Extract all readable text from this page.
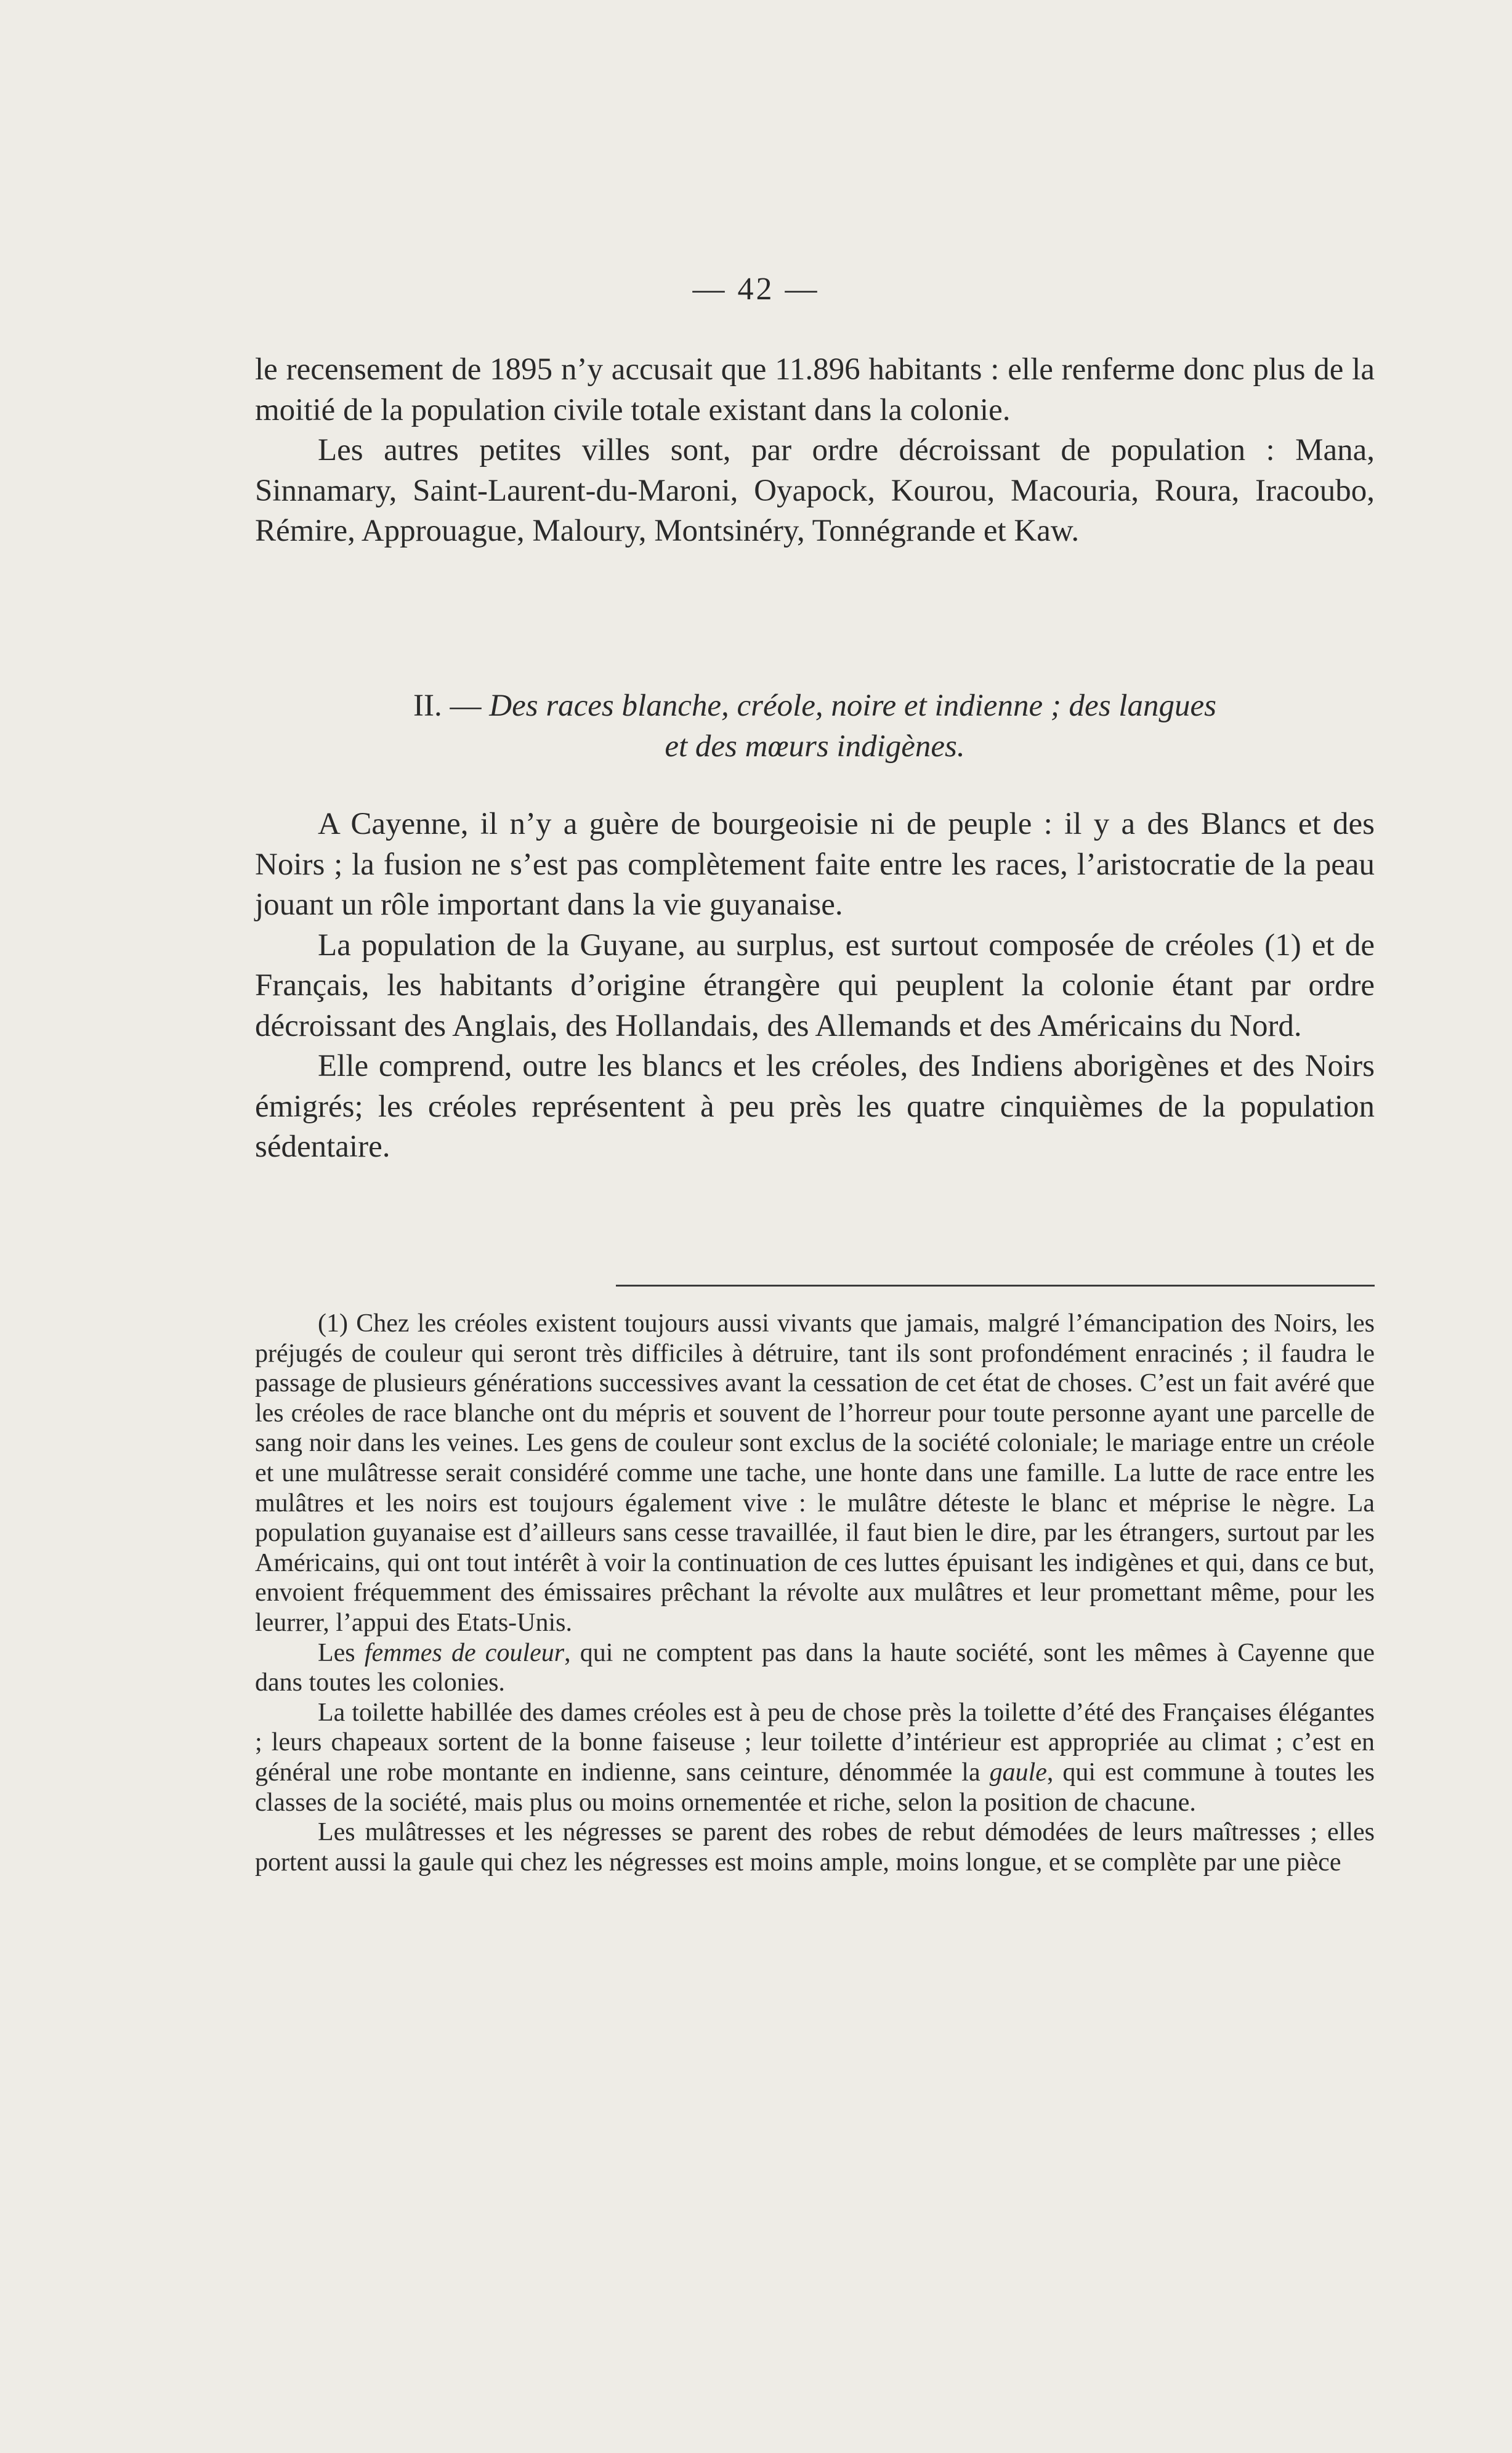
— 42 —

le recensement de 1895 n’y accusait que 11.896 habitants : elle renferme donc plus de la moitié de la population civile totale existant dans la colonie.

Les autres petites villes sont, par ordre décroissant de population : Mana, Sinnamary, Saint-Laurent-du-Maroni, Oyapock, Kourou, Macouria, Roura, Iracoubo, Rémire, Approuague, Maloury, Montsinéry, Tonnégrande et Kaw.

II. — Des races blanche, créole, noire et indienne ; des langues
et des mœurs indigènes.

A Cayenne, il n’y a guère de bourgeoisie ni de peuple : il y a des Blancs et des Noirs ; la fusion ne s’est pas complètement faite entre les races, l’aristocratie de la peau jouant un rôle important dans la vie guyanaise.

La population de la Guyane, au surplus, est surtout composée de créoles (1) et de Français, les habitants d’origine étrangère qui peuplent la colonie étant par ordre décroissant des Anglais, des Hollandais, des Allemands et des Américains du Nord.

Elle comprend, outre les blancs et les créoles, des Indiens aborigènes et des Noirs émigrés; les créoles représentent à peu près les quatre cinquièmes de la population sédentaire.

(1) Chez les créoles existent toujours aussi vivants que jamais, malgré l’émancipation des Noirs, les préjugés de couleur qui seront très difficiles à détruire, tant ils sont profondément enracinés ; il faudra le passage de plusieurs générations successives avant la cessation de cet état de choses. C’est un fait avéré que les créoles de race blanche ont du mépris et souvent de l’horreur pour toute personne ayant une parcelle de sang noir dans les veines. Les gens de couleur sont exclus de la société coloniale; le mariage entre un créole et une mulâtresse serait considéré comme une tache, une honte dans une famille. La lutte de race entre les mulâtres et les noirs est toujours également vive : le mulâtre déteste le blanc et méprise le nègre. La population guyanaise est d’ailleurs sans cesse travaillée, il faut bien le dire, par les étrangers, surtout par les Américains, qui ont tout intérêt à voir la continuation de ces luttes épuisant les indigènes et qui, dans ce but, envoient fréquemment des émissaires prêchant la révolte aux mulâtres et leur promettant même, pour les leurrer, l’appui des Etats-Unis.

Les femmes de couleur, qui ne comptent pas dans la haute société, sont les mêmes à Cayenne que dans toutes les colonies.

La toilette habillée des dames créoles est à peu de chose près la toilette d’été des Françaises élégantes ; leurs chapeaux sortent de la bonne faiseuse ; leur toilette d’intérieur est appropriée au climat ; c’est en général une robe montante en indienne, sans ceinture, dénommée la gaule, qui est commune à toutes les classes de la société, mais plus ou moins ornementée et riche, selon la position de chacune.

Les mulâtresses et les négresses se parent des robes de rebut démodées de leurs maîtresses ; elles portent aussi la gaule qui chez les négresses est moins ample, moins longue, et se complète par une pièce
